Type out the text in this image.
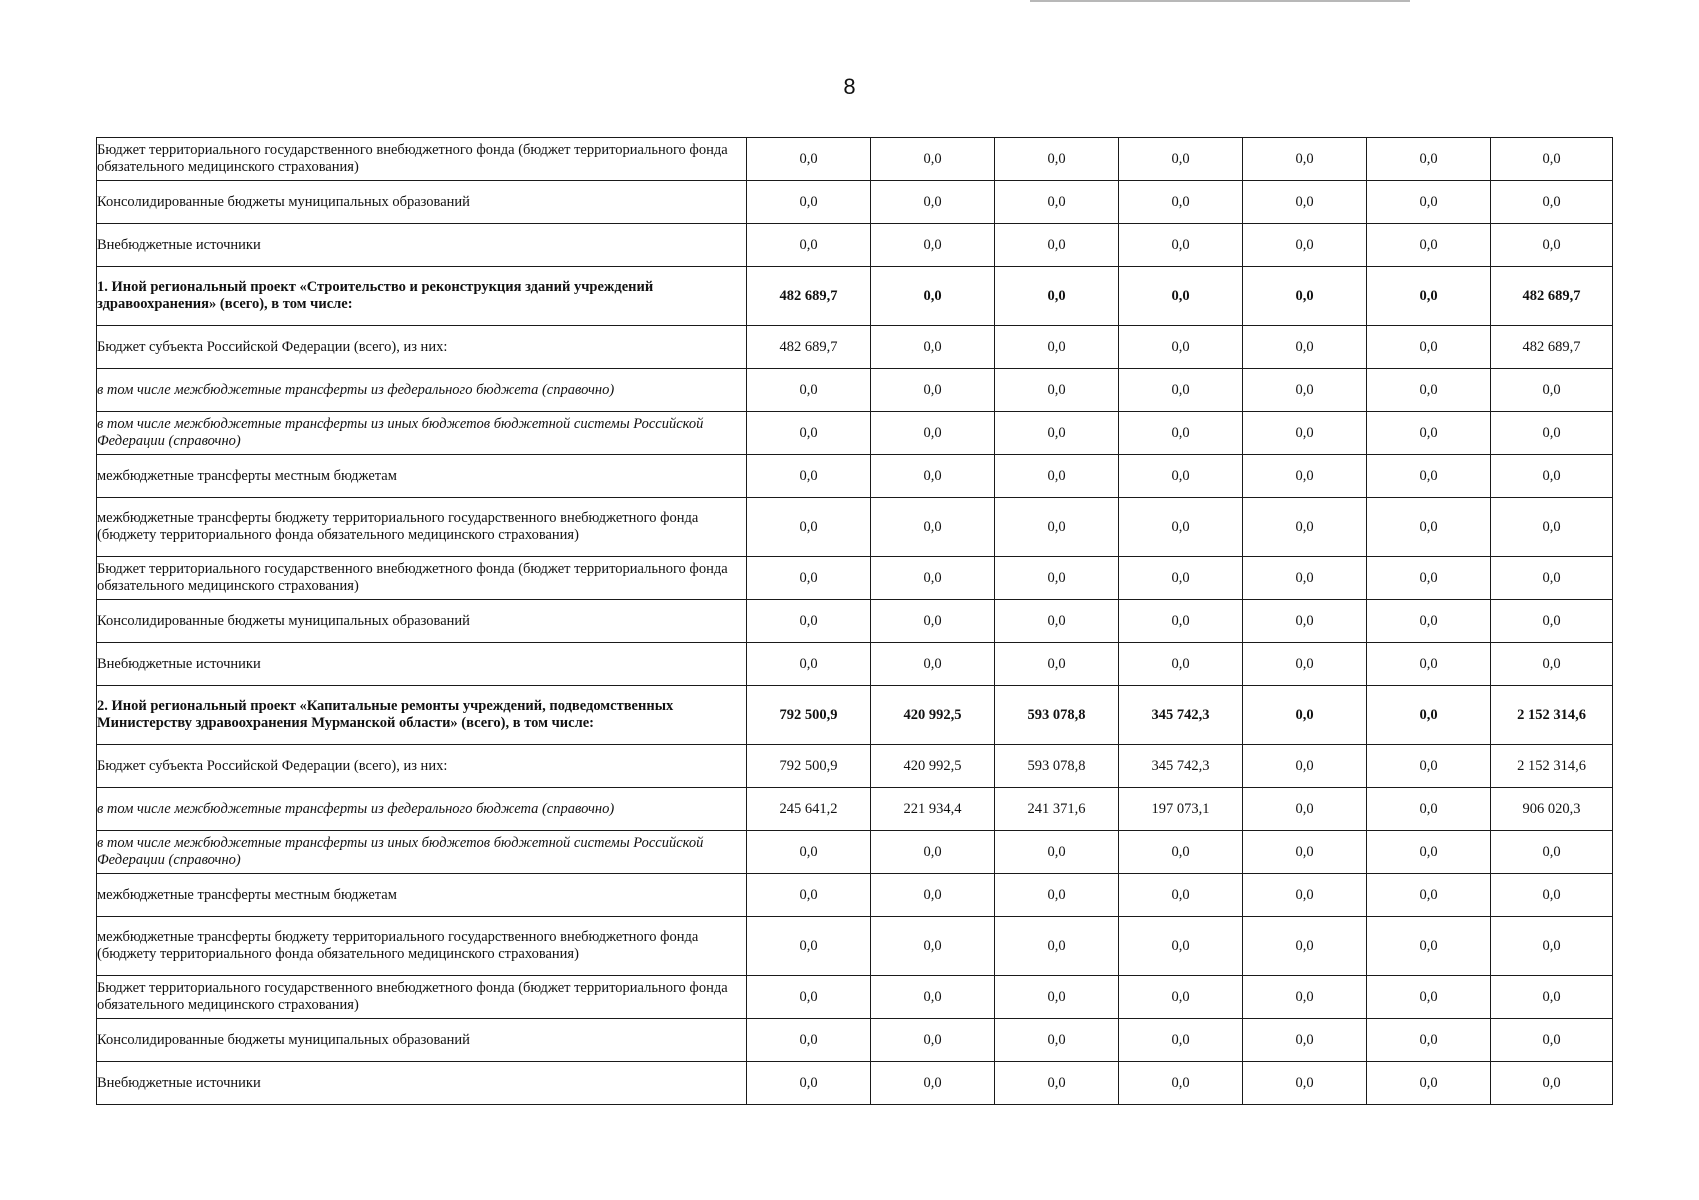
8
Бюджет территориального государственного внебюджетного фонда (бюджет территориального фонда обязательного медицинского страхования)	0,0	0,0	0,0	0,0	0,0	0,0	0,0

Консолидированные бюджеты муниципальных образований	0,0	0,0	0,0	0,0	0,0	0,0	0,0

Внебюджетные источники	0,0	0,0	0,0	0,0	0,0	0,0	0,0

1. Иной региональный проект «Строительство и реконструкция зданий учреждений здравоохранения» (всего), в том числе:	482 689,7	0,0	0,0	0,0	0,0	0,0	482 689,7

Бюджет субъекта Российской Федерации (всего), из них:	482 689,7	0,0	0,0	0,0	0,0	0,0	482 689,7

в том числе межбюджетные трансферты из федерального бюджета (справочно)	0,0	0,0	0,0	0,0	0,0	0,0	0,0

в том числе межбюджетные трансферты из иных бюджетов бюджетной системы Российской Федерации (справочно)	0,0	0,0	0,0	0,0	0,0	0,0	0,0

межбюджетные трансферты местным бюджетам	0,0	0,0	0,0	0,0	0,0	0,0	0,0

межбюджетные трансферты бюджету территориального государственного внебюджетного фонда (бюджету территориального фонда обязательного медицинского страхования)	0,0	0,0	0,0	0,0	0,0	0,0	0,0

Бюджет территориального государственного внебюджетного фонда (бюджет территориального фонда обязательного медицинского страхования)	0,0	0,0	0,0	0,0	0,0	0,0	0,0

Консолидированные бюджеты муниципальных образований	0,0	0,0	0,0	0,0	0,0	0,0	0,0

Внебюджетные источники	0,0	0,0	0,0	0,0	0,0	0,0	0,0

2. Иной региональный проект «Капитальные ремонты учреждений, подведомственных Министерству здравоохранения Мурманской области» (всего), в том числе:	792 500,9	420 992,5	593 078,8	345 742,3	0,0	0,0	2 152 314,6

Бюджет субъекта Российской Федерации (всего), из них:	792 500,9	420 992,5	593 078,8	345 742,3	0,0	0,0	2 152 314,6

в том числе межбюджетные трансферты из федерального бюджета (справочно)	245 641,2	221 934,4	241 371,6	197 073,1	0,0	0,0	906 020,3

в том числе межбюджетные трансферты из иных бюджетов бюджетной системы Российской Федерации (справочно)	0,0	0,0	0,0	0,0	0,0	0,0	0,0

межбюджетные трансферты местным бюджетам	0,0	0,0	0,0	0,0	0,0	0,0	0,0

межбюджетные трансферты бюджету территориального государственного внебюджетного фонда (бюджету территориального фонда обязательного медицинского страхования)	0,0	0,0	0,0	0,0	0,0	0,0	0,0

Бюджет территориального государственного внебюджетного фонда (бюджет территориального фонда обязательного медицинского страхования)	0,0	0,0	0,0	0,0	0,0	0,0	0,0

Консолидированные бюджеты муниципальных образований	0,0	0,0	0,0	0,0	0,0	0,0	0,0

Внебюджетные источники	0,0	0,0	0,0	0,0	0,0	0,0	0,0
